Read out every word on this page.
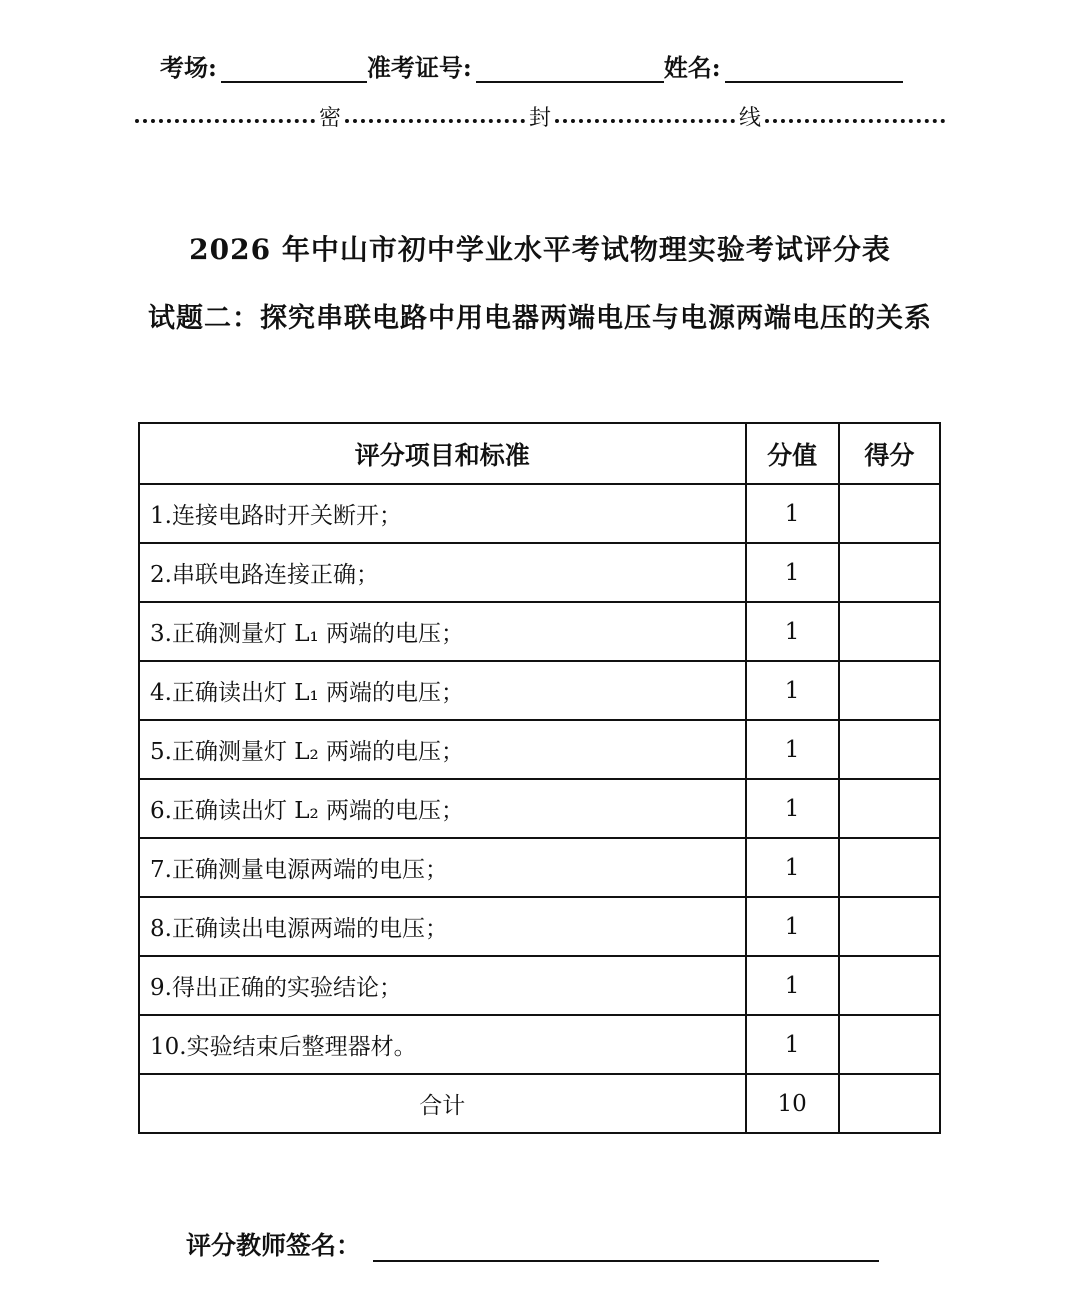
考场:	准考证号:	姓名:
密	封	线
2026 年中山市初中学业水平考试物理实验考试评分表
试题二：探究串联电路中用电器两端电压与电源两端电压的关系
评分项目和标准	分值	得分
1.连接电路时开关断开；	1	
2.串联电路连接正确；	1	
3.正确测量灯 L₁ 两端的电压；	1	
4.正确读出灯 L₁ 两端的电压；	1	
5.正确测量灯 L₂ 两端的电压；	1	
6.正确读出灯 L₂ 两端的电压；	1	
7.正确测量电源两端的电压；	1	
8.正确读出电源两端的电压；	1	
9.得出正确的实验结论；	1	
10.实验结束后整理器材。	1	
合计	10	
评分教师签名：
